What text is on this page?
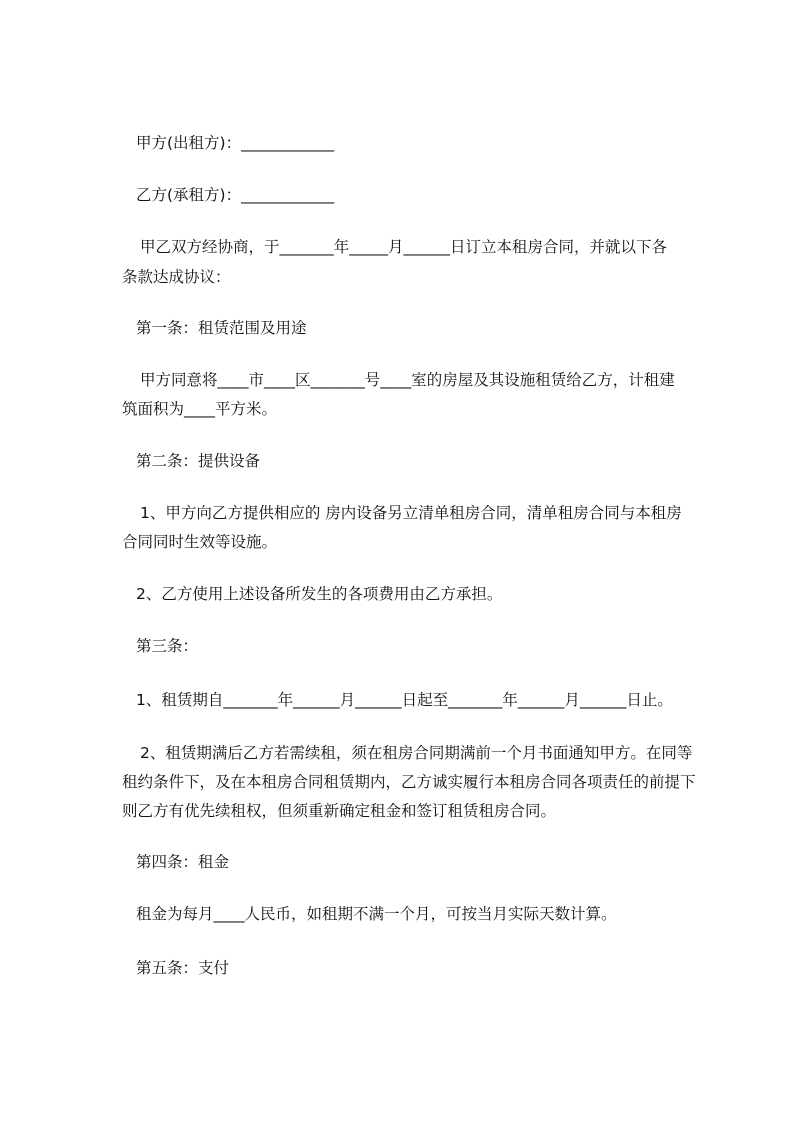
甲方(出租方)：____________

乙方(承租方)：____________

甲乙双方经协商，于_______年_____月______日订立本租房合同，并就以下各

条款达成协议：

第一条：租赁范围及用途

甲方同意将____市____区_______号____室的房屋及其设施租赁给乙方，计租建

筑面积为____平方米。

第二条：提供设备

1、甲方向乙方提供相应的 房内设备另立清单租房合同，清单租房合同与本租房

合同同时生效等设施。

2、乙方使用上述设备所发生的各项费用由乙方承担。

第三条：

1、租赁期自_______年______月______日起至_______年______月______日止。

2、租赁期满后乙方若需续租，须在租房合同期满前一个月书面通知甲方。在同等

租约条件下，及在本租房合同租赁期内，乙方诚实履行本租房合同各项责任的前提下

则乙方有优先续租权，但须重新确定租金和签订租赁租房合同。

第四条：租金

租金为每月____人民币，如租期不满一个月，可按当月实际天数计算。

第五条：支付
